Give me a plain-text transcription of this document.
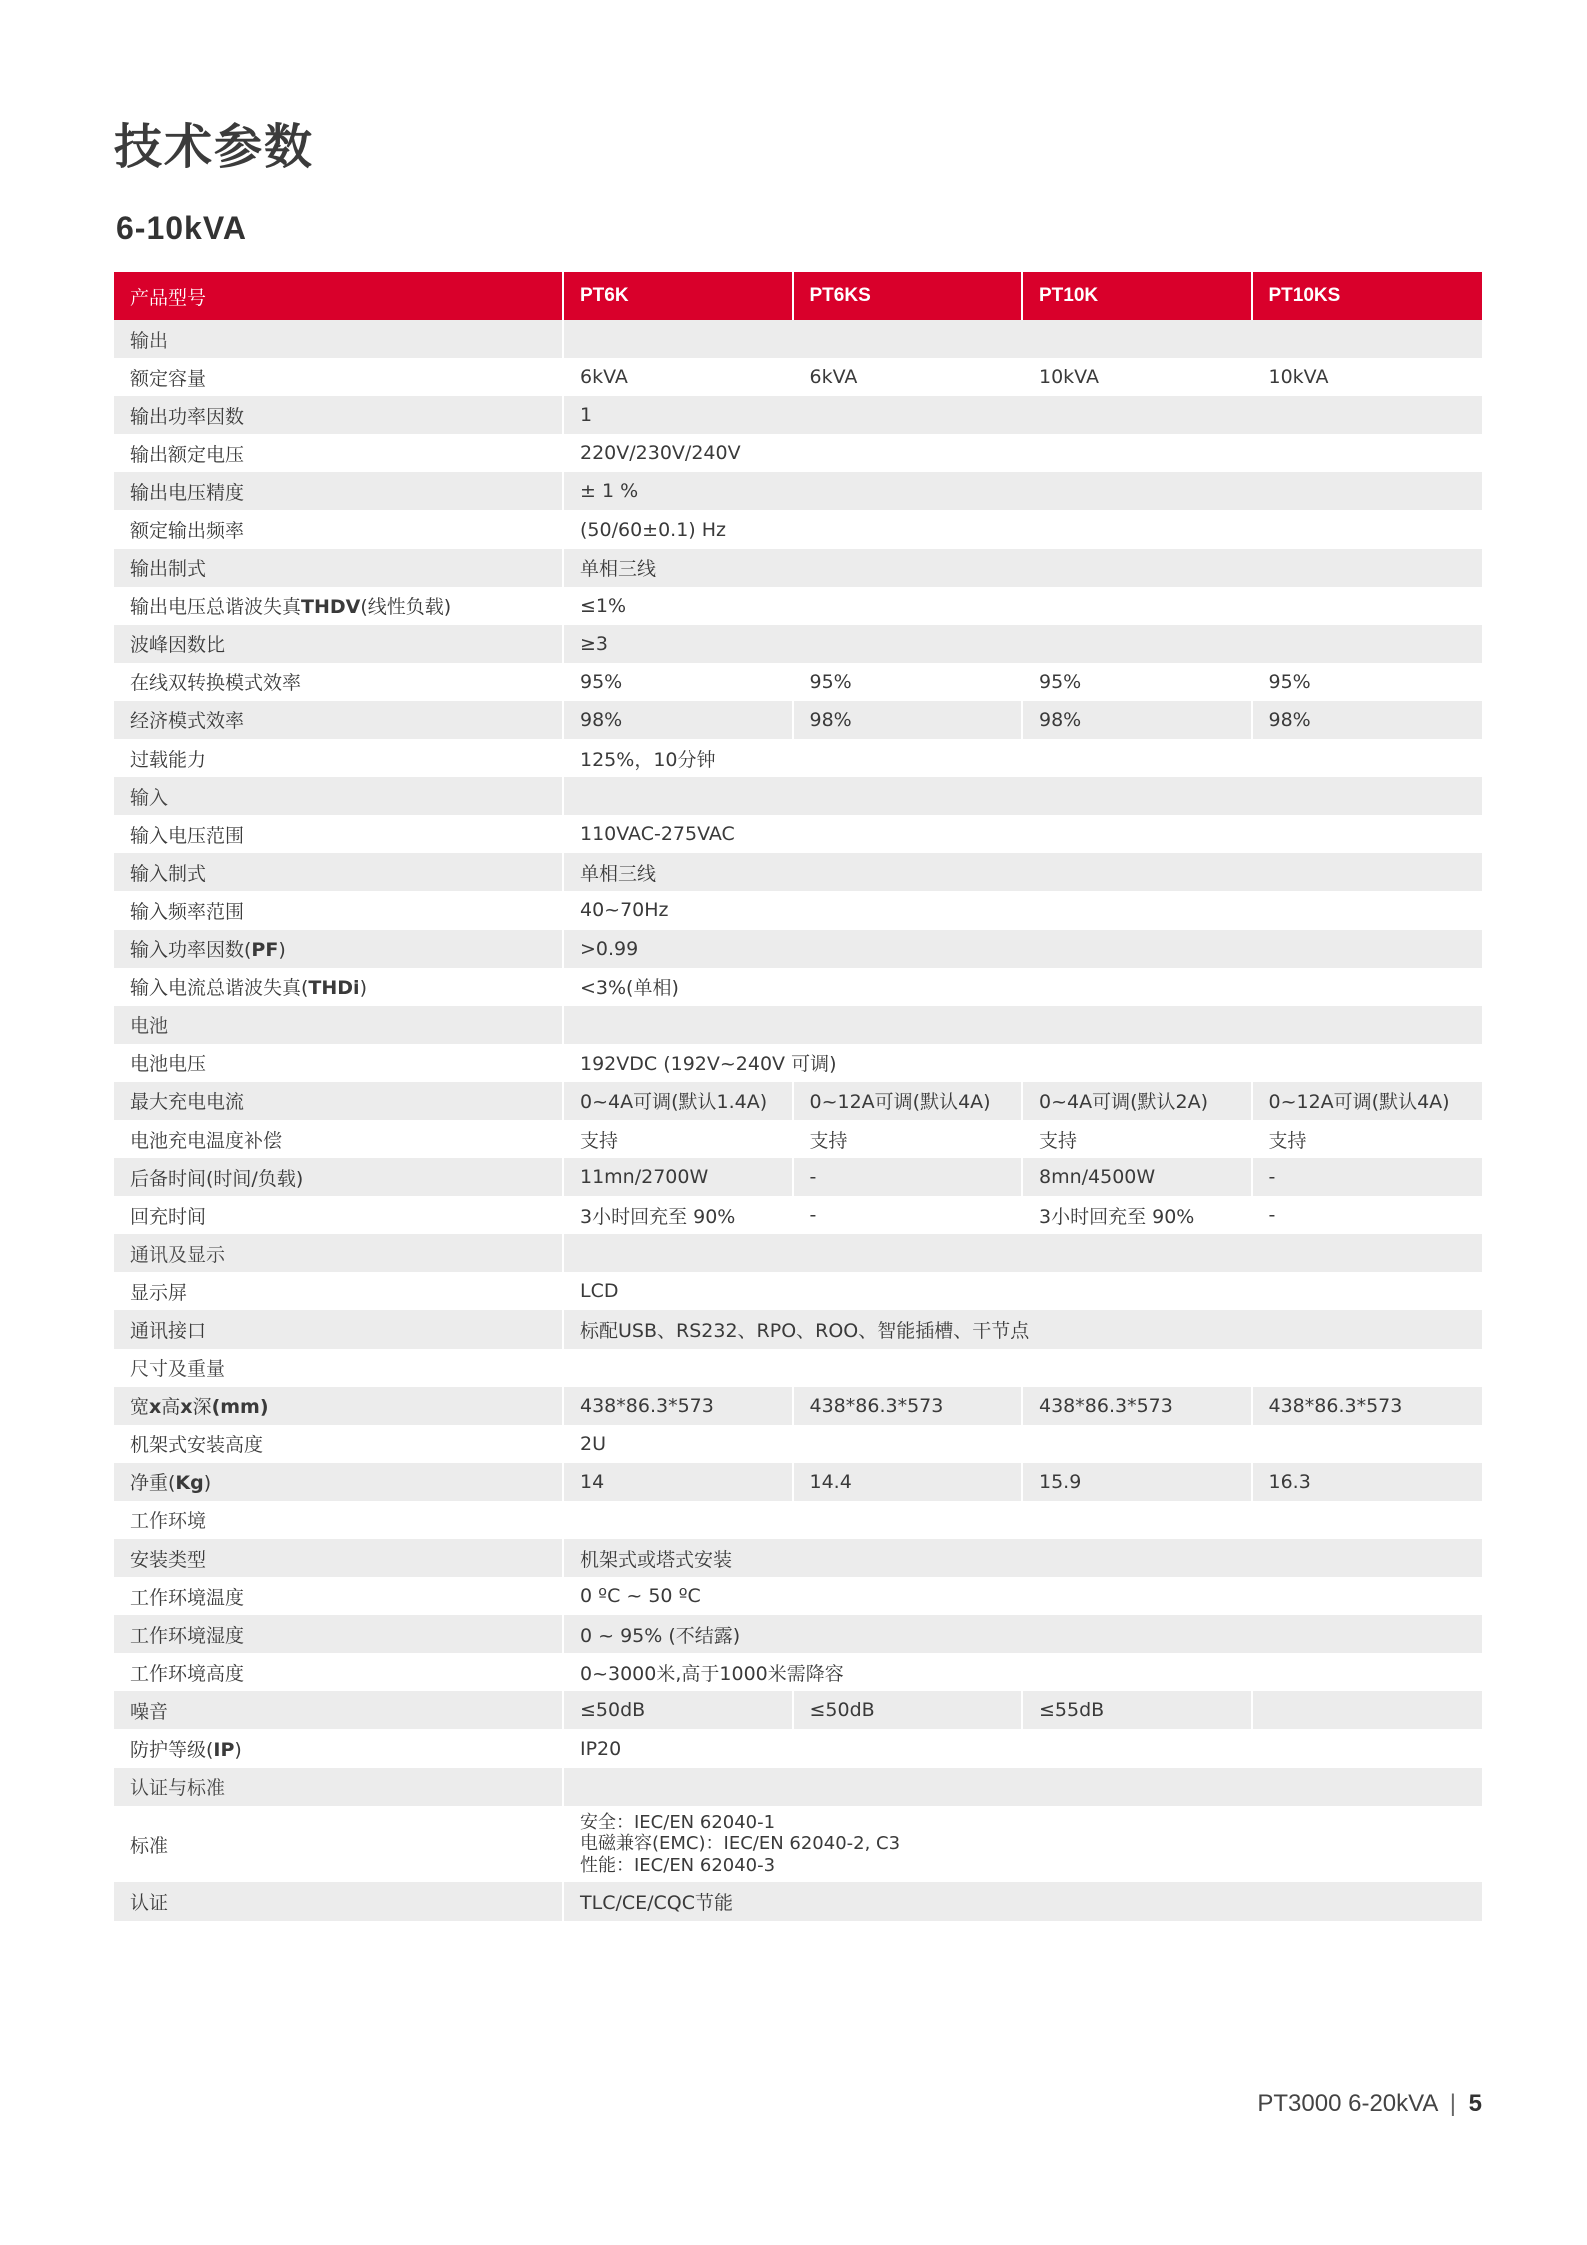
技术参数
6-10kVA
产品型号	PT6K	PT6KS	PT10K	PT10KS
输出				
额定容量	6kVA	6kVA	10kVA	10kVA
输出功率因数	1			
输出额定电压	220V/230V/240V			
输出电压精度	± 1 %			
额定输出频率	(50/60±0.1) Hz			
输出制式	单相三线			
输出电压总谐波失真THDV(线性负载)	≤1%			
波峰因数比	≥3			
在线双转换模式效率	95%	95%	95%	95%
经济模式效率	98%	98%	98%	98%
过载能力	125%，10分钟			
输入				
输入电压范围	110VAC-275VAC			
输入制式	单相三线			
输入频率范围	40~70Hz			
输入功率因数(PF)	>0.99			
输入电流总谐波失真(THDi)	<3%(单相)			
电池				
电池电压	192VDC (192V~240V 可调)			
最大充电电流	0~4A可调(默认1.4A)	0~12A可调(默认4A)	0~4A可调(默认2A)	0~12A可调(默认4A)
电池充电温度补偿	支持	支持	支持	支持
后备时间(时间/负载)	11mn/2700W	-	8mn/4500W	-
回充时间	3小时回充至 90%	-	3小时回充至 90%	-
通讯及显示				
显示屏	LCD			
通讯接口	标配USB、RS232、RPO、ROO、智能插槽、干节点			
尺寸及重量				
宽x高x深(mm)	438*86.3*573	438*86.3*573	438*86.3*573	438*86.3*573
机架式安装高度	2U			
净重(Kg)	14	14.4	15.9	16.3
工作环境				
安装类型	机架式或塔式安装			
工作环境温度	0 ºC ~ 50 ºC			
工作环境湿度	0 ~ 95% (不结露)			
工作环境高度	0~3000米,高于1000米需降容			
噪音	≤50dB	≤50dB	≤55dB	
防护等级(IP)	IP20			
认证与标准				
标准	安全：IEC/EN 62040-1
电磁兼容(EMC)：IEC/EN 62040-2, C3
性能：IEC/EN 62040-3			

认证	TLC/CE/CQC节能			
PT3000 6-20kVA | 5
